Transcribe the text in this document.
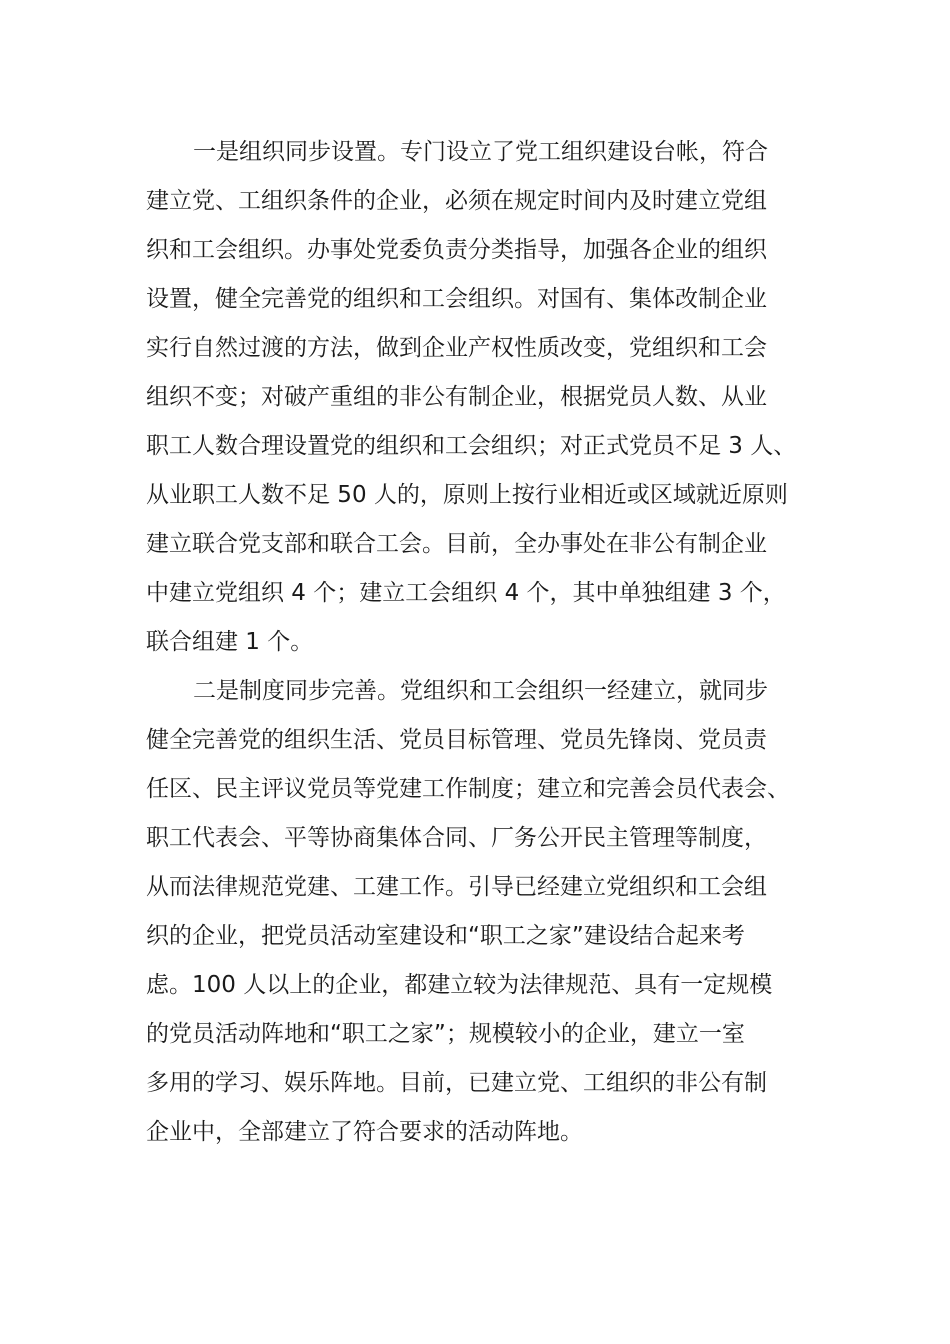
一是组织同步设置。专门设立了党工组织建设台帐，符合
建立党、工组织条件的企业，必须在规定时间内及时建立党组
织和工会组织。办事处党委负责分类指导，加强各企业的组织
设置，健全完善党的组织和工会组织。对国有、集体改制企业
实行自然过渡的方法，做到企业产权性质改变，党组织和工会
组织不变；对破产重组的非公有制企业，根据党员人数、从业
职工人数合理设置党的组织和工会组织；对正式党员不足 3 人、
从业职工人数不足 50 人的，原则上按行业相近或区域就近原则
建立联合党支部和联合工会。目前，全办事处在非公有制企业
中建立党组织 4 个；建立工会组织 4 个，其中单独组建 3 个，
联合组建 1 个。

二是制度同步完善。党组织和工会组织一经建立，就同步
健全完善党的组织生活、党员目标管理、党员先锋岗、党员责
任区、民主评议党员等党建工作制度；建立和完善会员代表会、
职工代表会、平等协商集体合同、厂务公开民主管理等制度，
从而法律规范党建、工建工作。引导已经建立党组织和工会组
织的企业，把党员活动室建设和“职工之家”建设结合起来考
虑。100 人以上的企业，都建立较为法律规范、具有一定规模
的党员活动阵地和“职工之家”；规模较小的企业，建立一室
多用的学习、娱乐阵地。目前，已建立党、工组织的非公有制
企业中，全部建立了符合要求的活动阵地。
